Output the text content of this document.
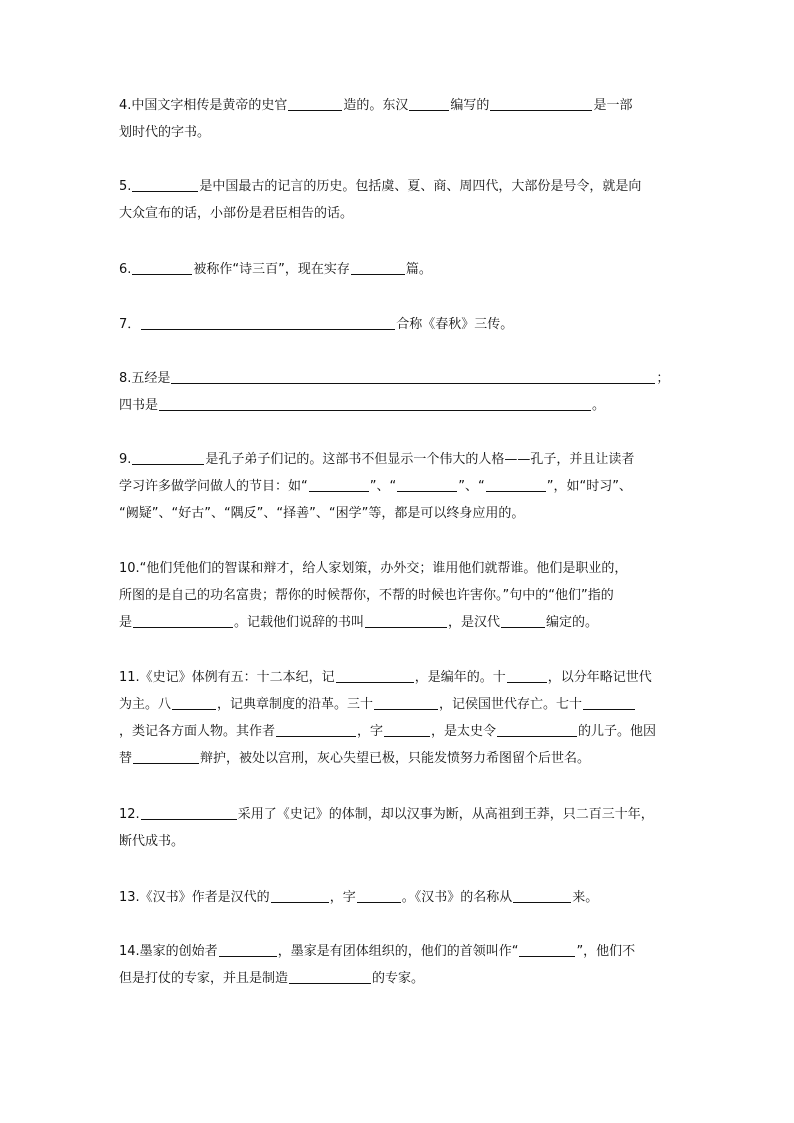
4.中国文字相传是黄帝的史官	造的。东汉	编写的	是一部
划时代的字书。
5.	是中国最古的记言的历史。包括虞、夏、商、周四代，大部份是号令，就是向
大众宣布的话，小部份是君臣相告的话。
6.	被称作“诗三百”，现在实存	篇。
7．	合称《春秋》三传。
8.五经是	；
四书是	。
9.	是孔子弟子们记的。这部书不但显示一个伟大的人格——孔子，并且让读者
学习许多做学问做人的节目：如“	”、“	”、“	”，如“时习”、
“阙疑”、“好古”、“隅反”、“择善”、“困学”等，都是可以终身应用的。
10.“他们凭他们的智谋和辩才，给人家划策，办外交；谁用他们就帮谁。他们是职业的，
所图的是自己的功名富贵；帮你的时候帮你，不帮的时候也许害你。”句中的“他们”指的
是	。记载他们说辞的书叫	，是汉代	编定的。
11.《史记》体例有五：十二本纪，记	，是编年的。十	，以分年略记世代
为主。八	，记典章制度的沿革。三十	，记侯国世代存亡。七十
，类记各方面人物。其作者	，字	，是太史令	的儿子。他因
替	辩护，被处以宫刑，灰心失望已极，只能发愤努力希图留个后世名。
12.	采用了《史记》的体制，却以汉事为断，从高祖到王莽，只二百三十年，
断代成书。
13.《汉书》作者是汉代的	，字	。《汉书》的名称从	来。
14.墨家的创始者	，墨家是有团体组织的，他们的首领叫作“	”，他们不
但是打仗的专家，并且是制造	的专家。
